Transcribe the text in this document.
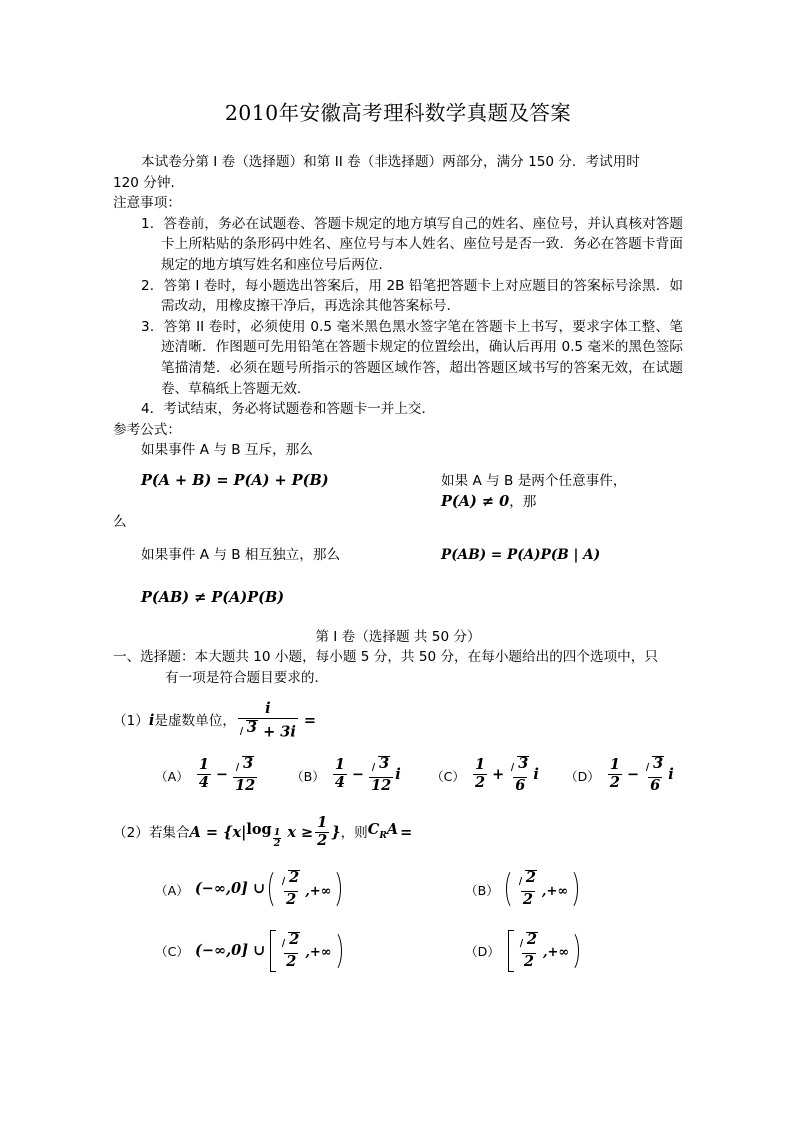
2010年安徽高考理科数学真题及答案

本试卷分第 I 卷（选择题）和第 II 卷（非选择题）两部分，满分 150 分．考试用时

120 分钟．

注意事项：

1．答卷前，务必在试题卷、答题卡规定的地方填写自己的姓名、座位号，并认真核对答题卡上所粘贴的条形码中姓名、座位号与本人姓名、座位号是否一致．务必在答题卡背面规定的地方填写姓名和座位号后两位．

2．答第 I 卷时，每小题选出答案后，用 2B 铅笔把答题卡上对应题目的答案标号涂黑．如需改动，用橡皮擦干净后，再选涂其他答案标号．

3．答第 II 卷时，必须使用 0.5 毫米黑色黑水签字笔在答题卡上书写，要求字体工整、笔迹清晰．作图题可先用铅笔在答题卡规定的位置绘出，确认后再用 0.5 毫米的黑色签际笔描清楚．必须在题号所指示的答题区域作答，超出答题区域书写的答案无效，在试题卷、草稿纸上答题无效．

4．考试结束，务必将试题卷和答题卡一并上交．

参考公式：

如果事件 A 与 B 互斥，那么

P(A + B) = P(A) + P(B)	如果 A 与 B 是两个任意事件，P(A) ≠ 0，那

么

如果事件 A 与 B 相互独立，那么	P(AB) = P(A)P(B | A)
P(AB) ≠ P(A)P(B)

第 I 卷（选择题 共 50 分）

一、选择题：本大题共 10 小题，每小题 5 分，共 50 分，在每小题给出的四个选项中，只
有一项是符合题目要求的．

（1） i 是虚数单位， $\frac{i}{3 + 3i}$ =
$(A) \frac{1}{4} - \frac{3}{12}$	$(B) \frac{1}{4} - \frac{3}{12}$ i $(C) \frac{1}{2} + \frac{3}{6}$ i $(D) \frac{1}{2} - \frac{3}{6}$ i
（2） 若集合 A = {x| $\log \frac{1}{2}$ $x \ge \frac{1}{2}$ } ，则 $C_RA$ =
（A） (−∞,0] ∪ $\frac{2}{2}$ ,+∞	$(B) \frac{2}{2}$ ,+∞
（C） (−∞,0] ∪ $\frac{2}{2}$ ,+∞	$(D) \frac{2}{2}$ ,+∞
